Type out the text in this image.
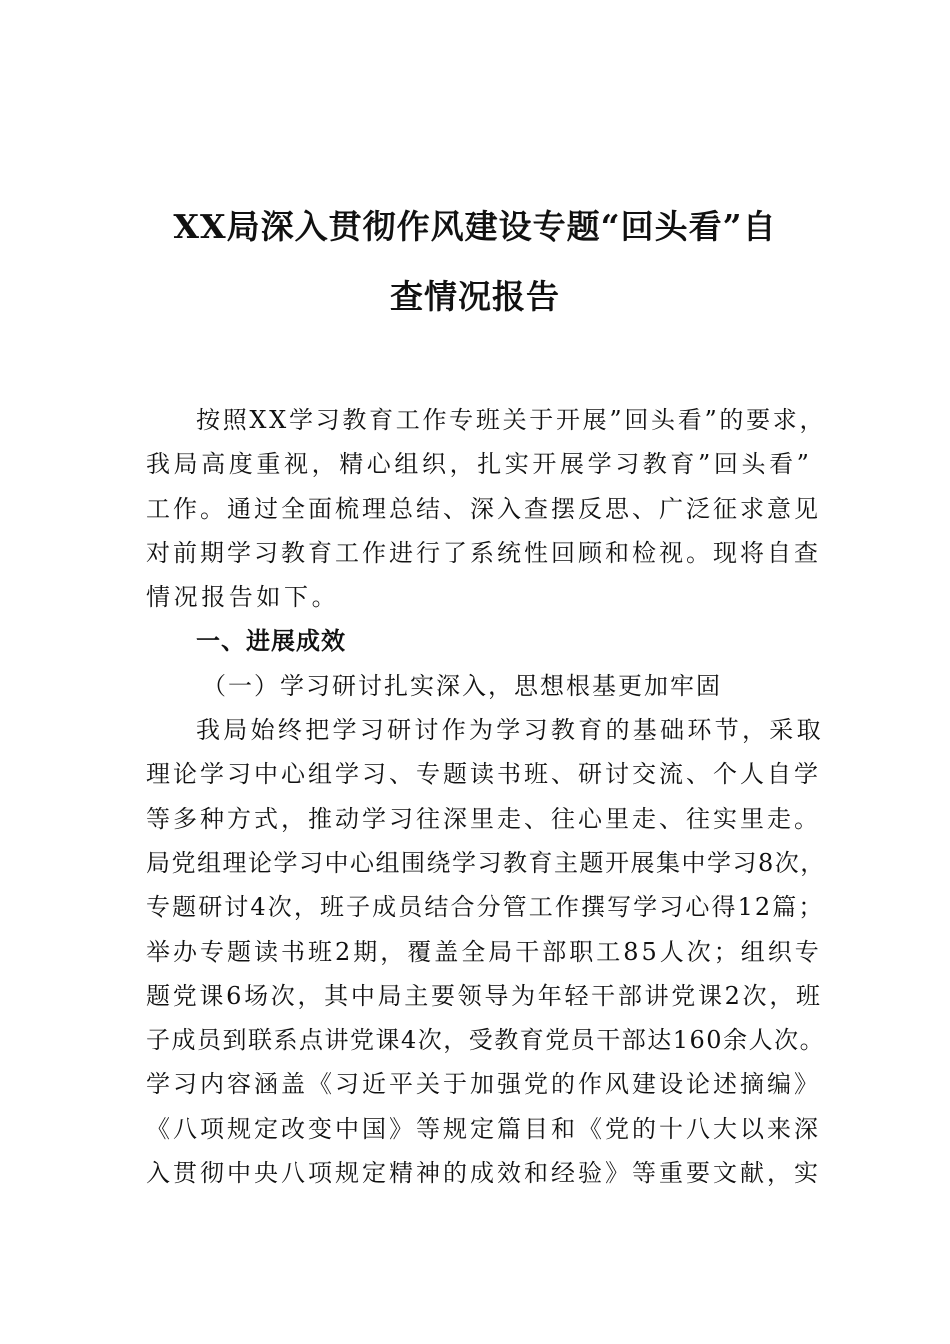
XX局深入贯彻作风建设专题“回头看”自
查情况报告
按照XX学习教育工作专班关于开展”回头看”的要求，
我局高度重视，精心组织，扎实开展学习教育”回头看”
工作。通过全面梳理总结、深入查摆反思、广泛征求意见
对前期学习教育工作进行了系统性回顾和检视。现将自查
情况报告如下。
一、进展成效
（一）学习研讨扎实深入，思想根基更加牢固
我局始终把学习研讨作为学习教育的基础环节，采取
理论学习中心组学习、专题读书班、研讨交流、个人自学
等多种方式，推动学习往深里走、往心里走、往实里走。
局党组理论学习中心组围绕学习教育主题开展集中学习8次，
专题研讨4次，班子成员结合分管工作撰写学习心得12篇；
举办专题读书班2期，覆盖全局干部职工85人次；组织专
题党课6场次，其中局主要领导为年轻干部讲党课2次，班
子成员到联系点讲党课4次，受教育党员干部达160余人次。
学习内容涵盖《习近平关于加强党的作风建设论述摘编》
《八项规定改变中国》等规定篇目和《党的十八大以来深
入贯彻中央八项规定精神的成效和经验》等重要文献，实
